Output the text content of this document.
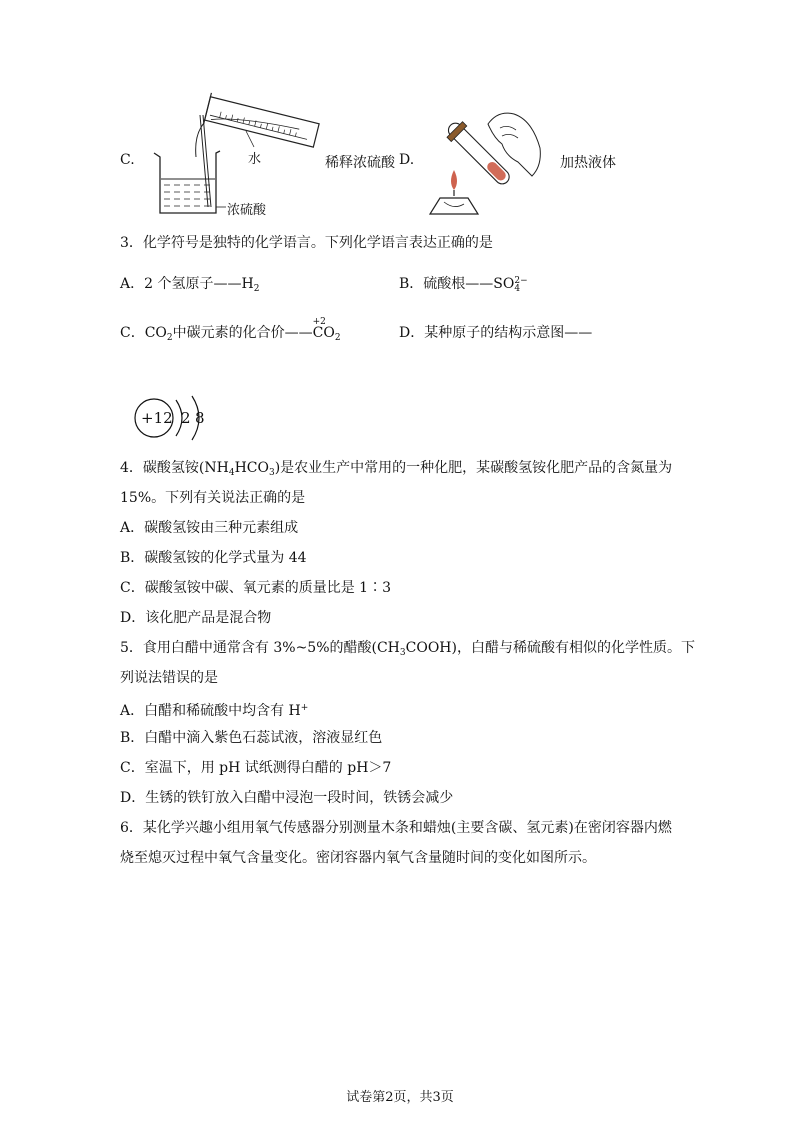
C.	水
浓硫酸
稀释浓硫酸 D.	加热液体
3．化学符号是独特的化学语言。下列化学语言表达正确的是
A．2 个氢原子$——H_2$	B．硫酸根——SO 2−
4
C．$CO_2$中碳元素的化合价——
+2
$CO_2$	D．某种原子的结构示意图——
+12 2 8
4．碳酸氢铵$(NH_4HCO_3)$是农业生产中常用的一种化肥，某碳酸氢铵化肥产品的含氮量为
15%。下列有关说法正确的是
A．碳酸氢铵由三种元素组成
B．碳酸氢铵的化学式量为 44
C．碳酸氢铵中碳、氧元素的质量比是 1∶3
D．该化肥产品是混合物
5．食用白醋中通常含有 3%~5%的醋酸$(CH_3COOH)$，白醋与稀硫酸有相似的化学性质。下
列说法错误的是
A．白醋和稀硫酸中均含有 H+
B．白醋中滴入紫色石蕊试液，溶液显红色
C．室温下，用 pH 试纸测得白醋的 pH＞7
D．生锈的铁钉放入白醋中浸泡一段时间，铁锈会减少
6．某化学兴趣小组用氧气传感器分别测量木条和蜡烛(主要含碳、氢元素)在密闭容器内燃
烧至熄灭过程中氧气含量变化。密闭容器内氧气含量随时间的变化如图所示。
试卷第2页，共3页
